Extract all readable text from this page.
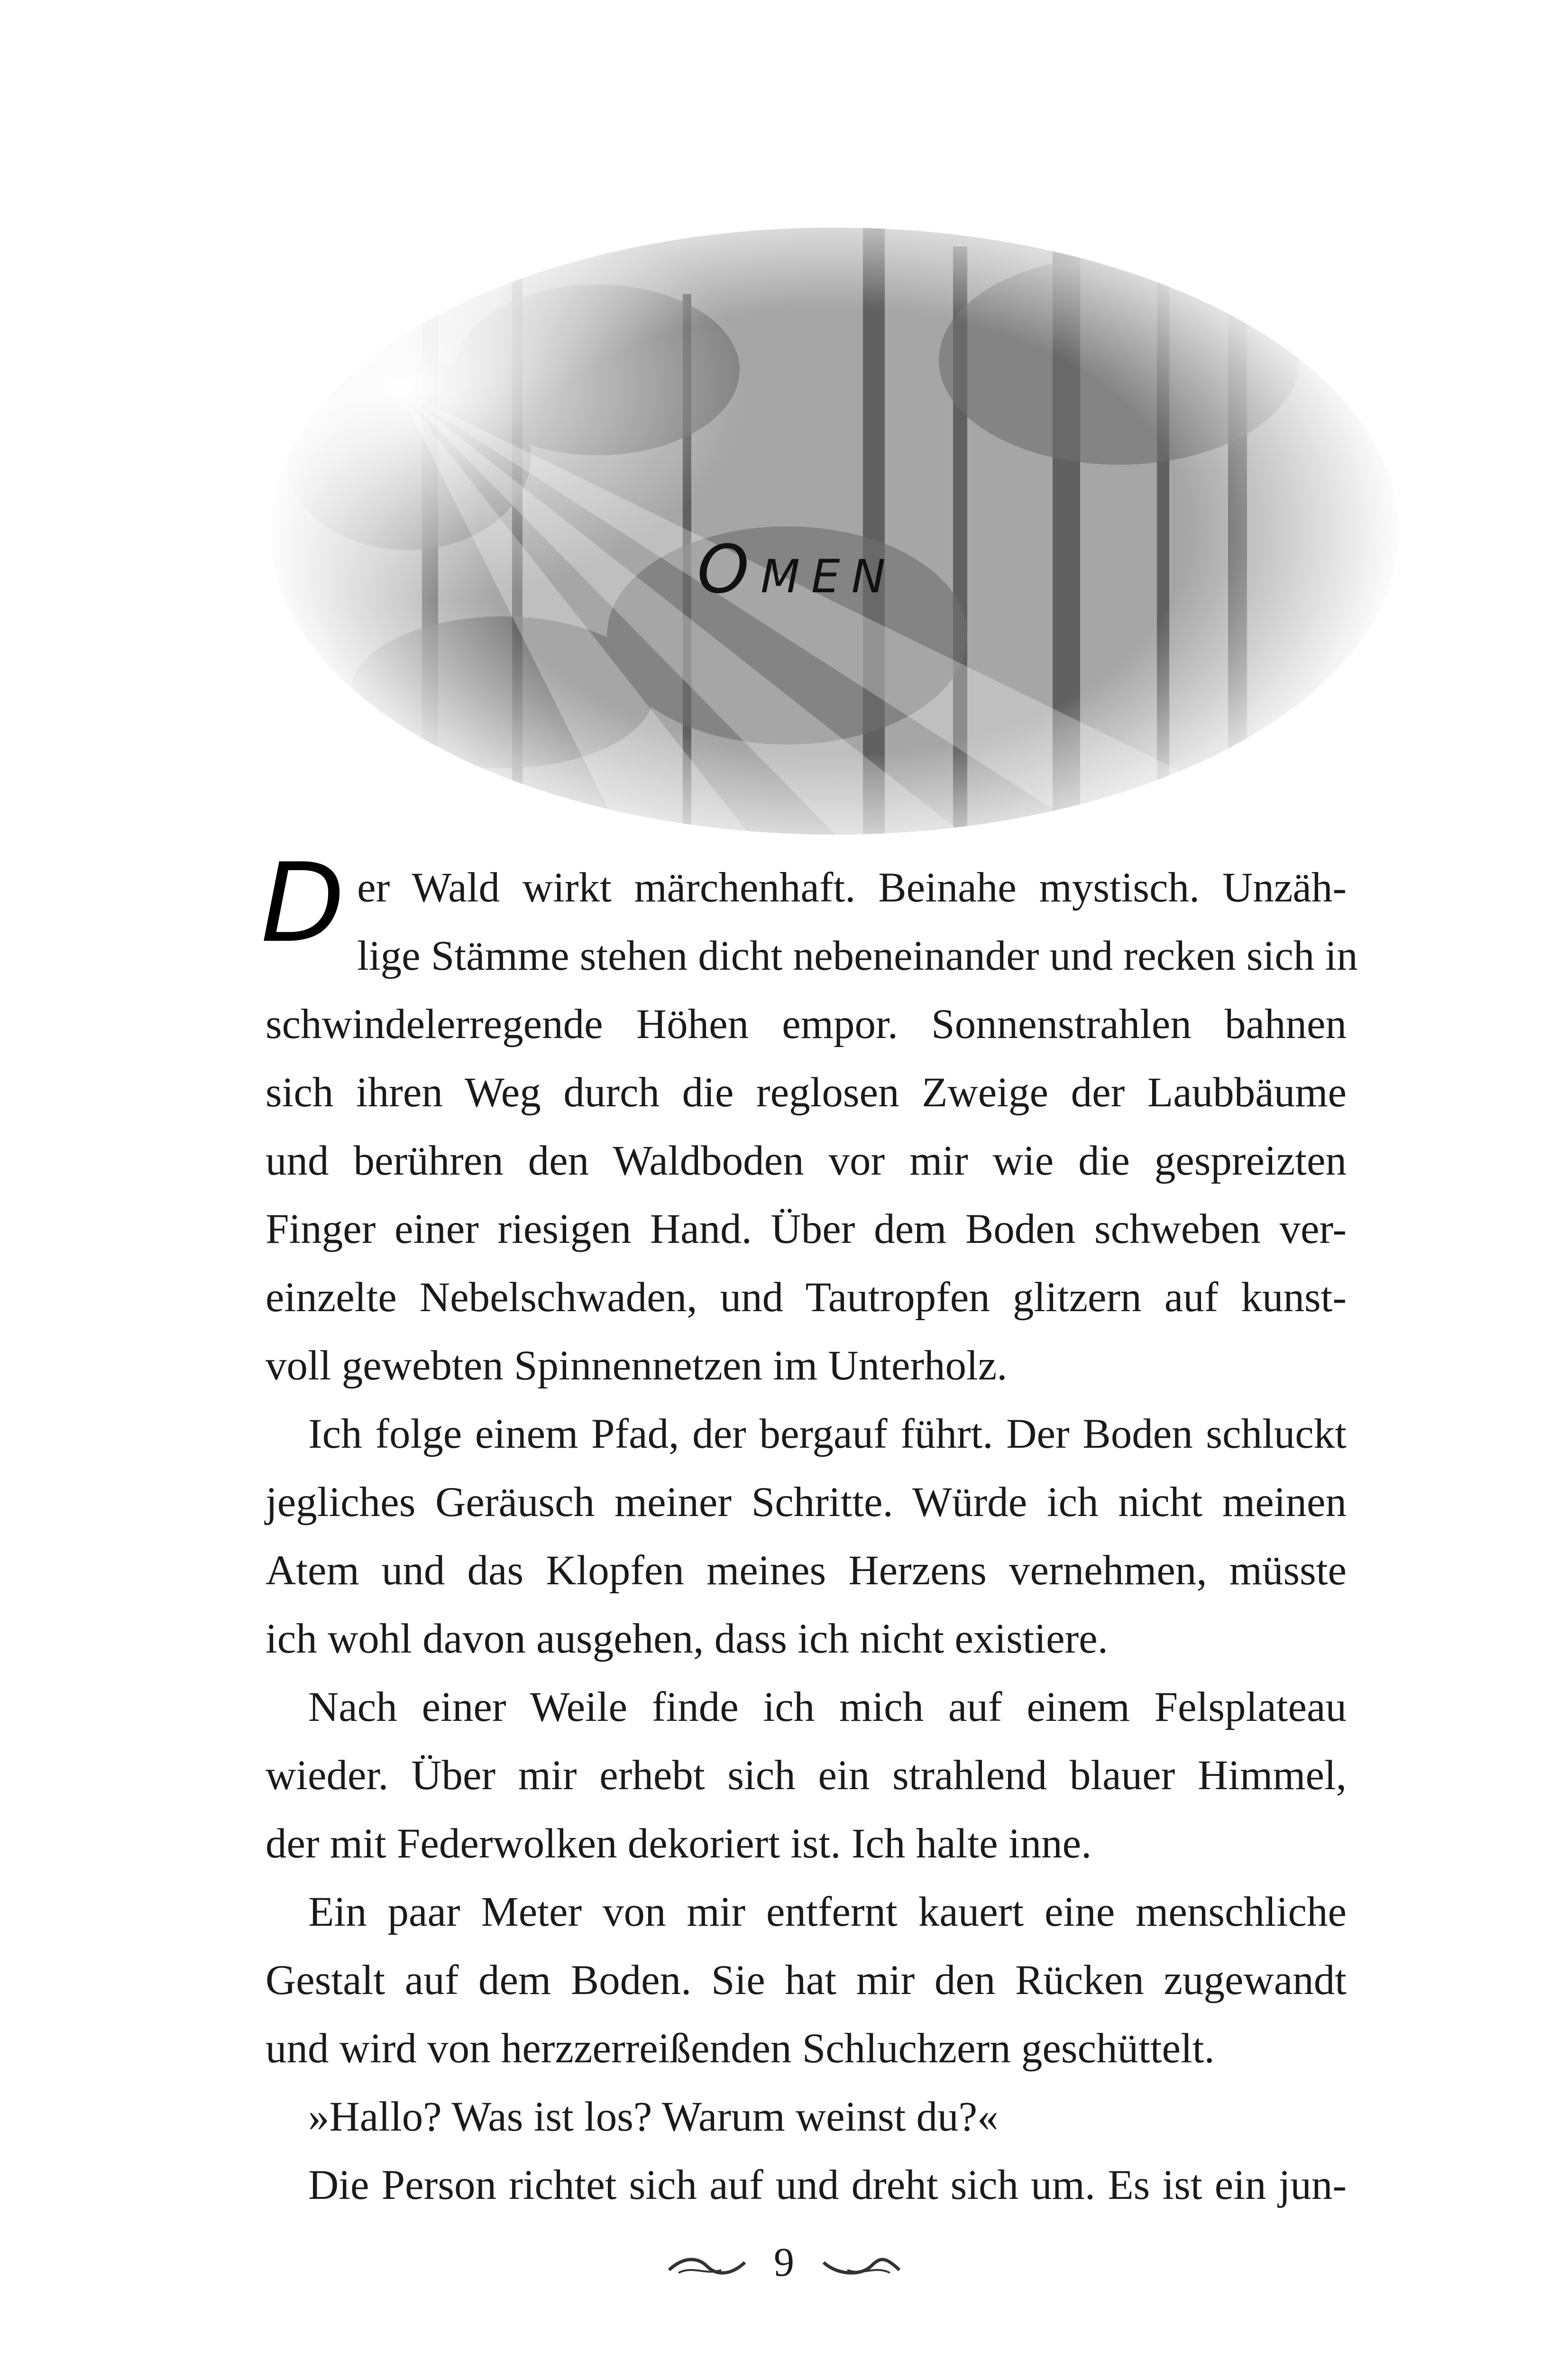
OMEN
D er Wald wirkt märchenhaft. Beinahe mystisch. Unzäh-
lige Stämme stehen dicht nebeneinander und recken sich in
schwindelerregende Höhen empor. Sonnenstrahlen bahnen
sich ihren Weg durch die reglosen Zweige der Laubbäume
und berühren den Waldboden vor mir wie die gespreizten
Finger einer riesigen Hand. Über dem Boden schweben ver-
einzelte Nebelschwaden, und Tautropfen glitzern auf kunst-
voll gewebten Spinnennetzen im Unterholz.

Ich folge einem Pfad, der bergauf führt. Der Boden schluckt
jegliches Geräusch meiner Schritte. Würde ich nicht meinen
Atem und das Klopfen meines Herzens vernehmen, müsste
ich wohl davon ausgehen, dass ich nicht existiere.

Nach einer Weile finde ich mich auf einem Felsplateau
wieder. Über mir erhebt sich ein strahlend blauer Himmel,
der mit Federwolken dekoriert ist. Ich halte inne.

Ein paar Meter von mir entfernt kauert eine menschliche
Gestalt auf dem Boden. Sie hat mir den Rücken zugewandt
und wird von herzzerreißenden Schluchzern geschüttelt.

»Hallo? Was ist los? Warum weinst du?«

Die Person richtet sich auf und dreht sich um. Es ist ein jun-

9
